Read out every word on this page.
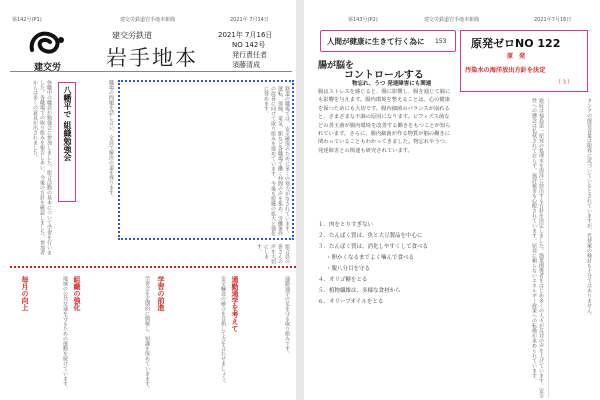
第142号(P1)	建交労鉄道岩手地本新聞	2021年 7月14日
建交労
建交労鉄道
岩手地本
2021年 7月16日
NO 142号
発行責任者
須藤清成
休職中の職員が勉強会に参加しました。組合活動の基本について学習を行いました。各職場での取り組みを報告しあい、今後の方針を確認しました。参加者からは多くの意見が出されました。	八幡平で 組織勉強会	鉄道の職場では、安全確保のために多くの努力がなされています。運転、保線、電気、駅など各職場で働く仲間の声を集め、労働条件の改善に向けて取り組みを進めています。今後も組織の拡大と強化に努めます。
職場の問題を話し合い、全員で解決の道を探ります。
組合員の皆さんの声を大切にします。
毎月の向上	組織の強化	学習の前進	通勤通学を考えて
地域の公共交通を守るための運動を続けています。	学習会を定期的に開催し、知識を深めていきます。	安全輸送の確立を目指して力を合わせましょう。	通勤通学の足を守る取り組みです。
第143号(P2)	建交労鉄道岩手地本新聞	2021年7月16日
人間が健康に生きて行く為に 153
腸が脳を
コントロールする
物忘れ、うつ 発達障害にも関連
腸はストレスを感じると、腸に影響し、腸を通じて脳にも影響を与えます。腸内環境を整えることは、心の健康を保つためにも大切です。腸内細菌のバランスが崩れると、さまざまな不調の原因になります。ビフィズス菌などの善玉菌が腸内環境を改善する働きをもつことが知られています。さらに、腸内細菌が作る物質が脳の働きに関わっていることもわかってきました。物忘れやうつ、発達障害との関連も研究されています。
１．肉をとりすぎない
２．たんぱく質は、魚と大豆製品を中心に
３．たんぱく質は、消化しやすくして食べる
・卵かくなるまでよく噛んで食べる
・腹八分目を守る
４．オリゴ糖をとる
５．植物繊維は、多様な食材から
６．オリーブオイルをとる
原発ゼロNO 122
原　発
汚染水の海洋放出方針を決定
（３）
政府は福島第一原発の処理水を海洋に放出する方針を決定しました。漁業関係者をはじめ多くの人々が反対の声を上げています。安全性への懸念は払拭されておらず、風評被害も心配されています。原発に頼らないエネルギー政策への転換が求められています。	タンクの保管容量は限界に近づいているとされていますが、代替案の検討も十分ではありません。
